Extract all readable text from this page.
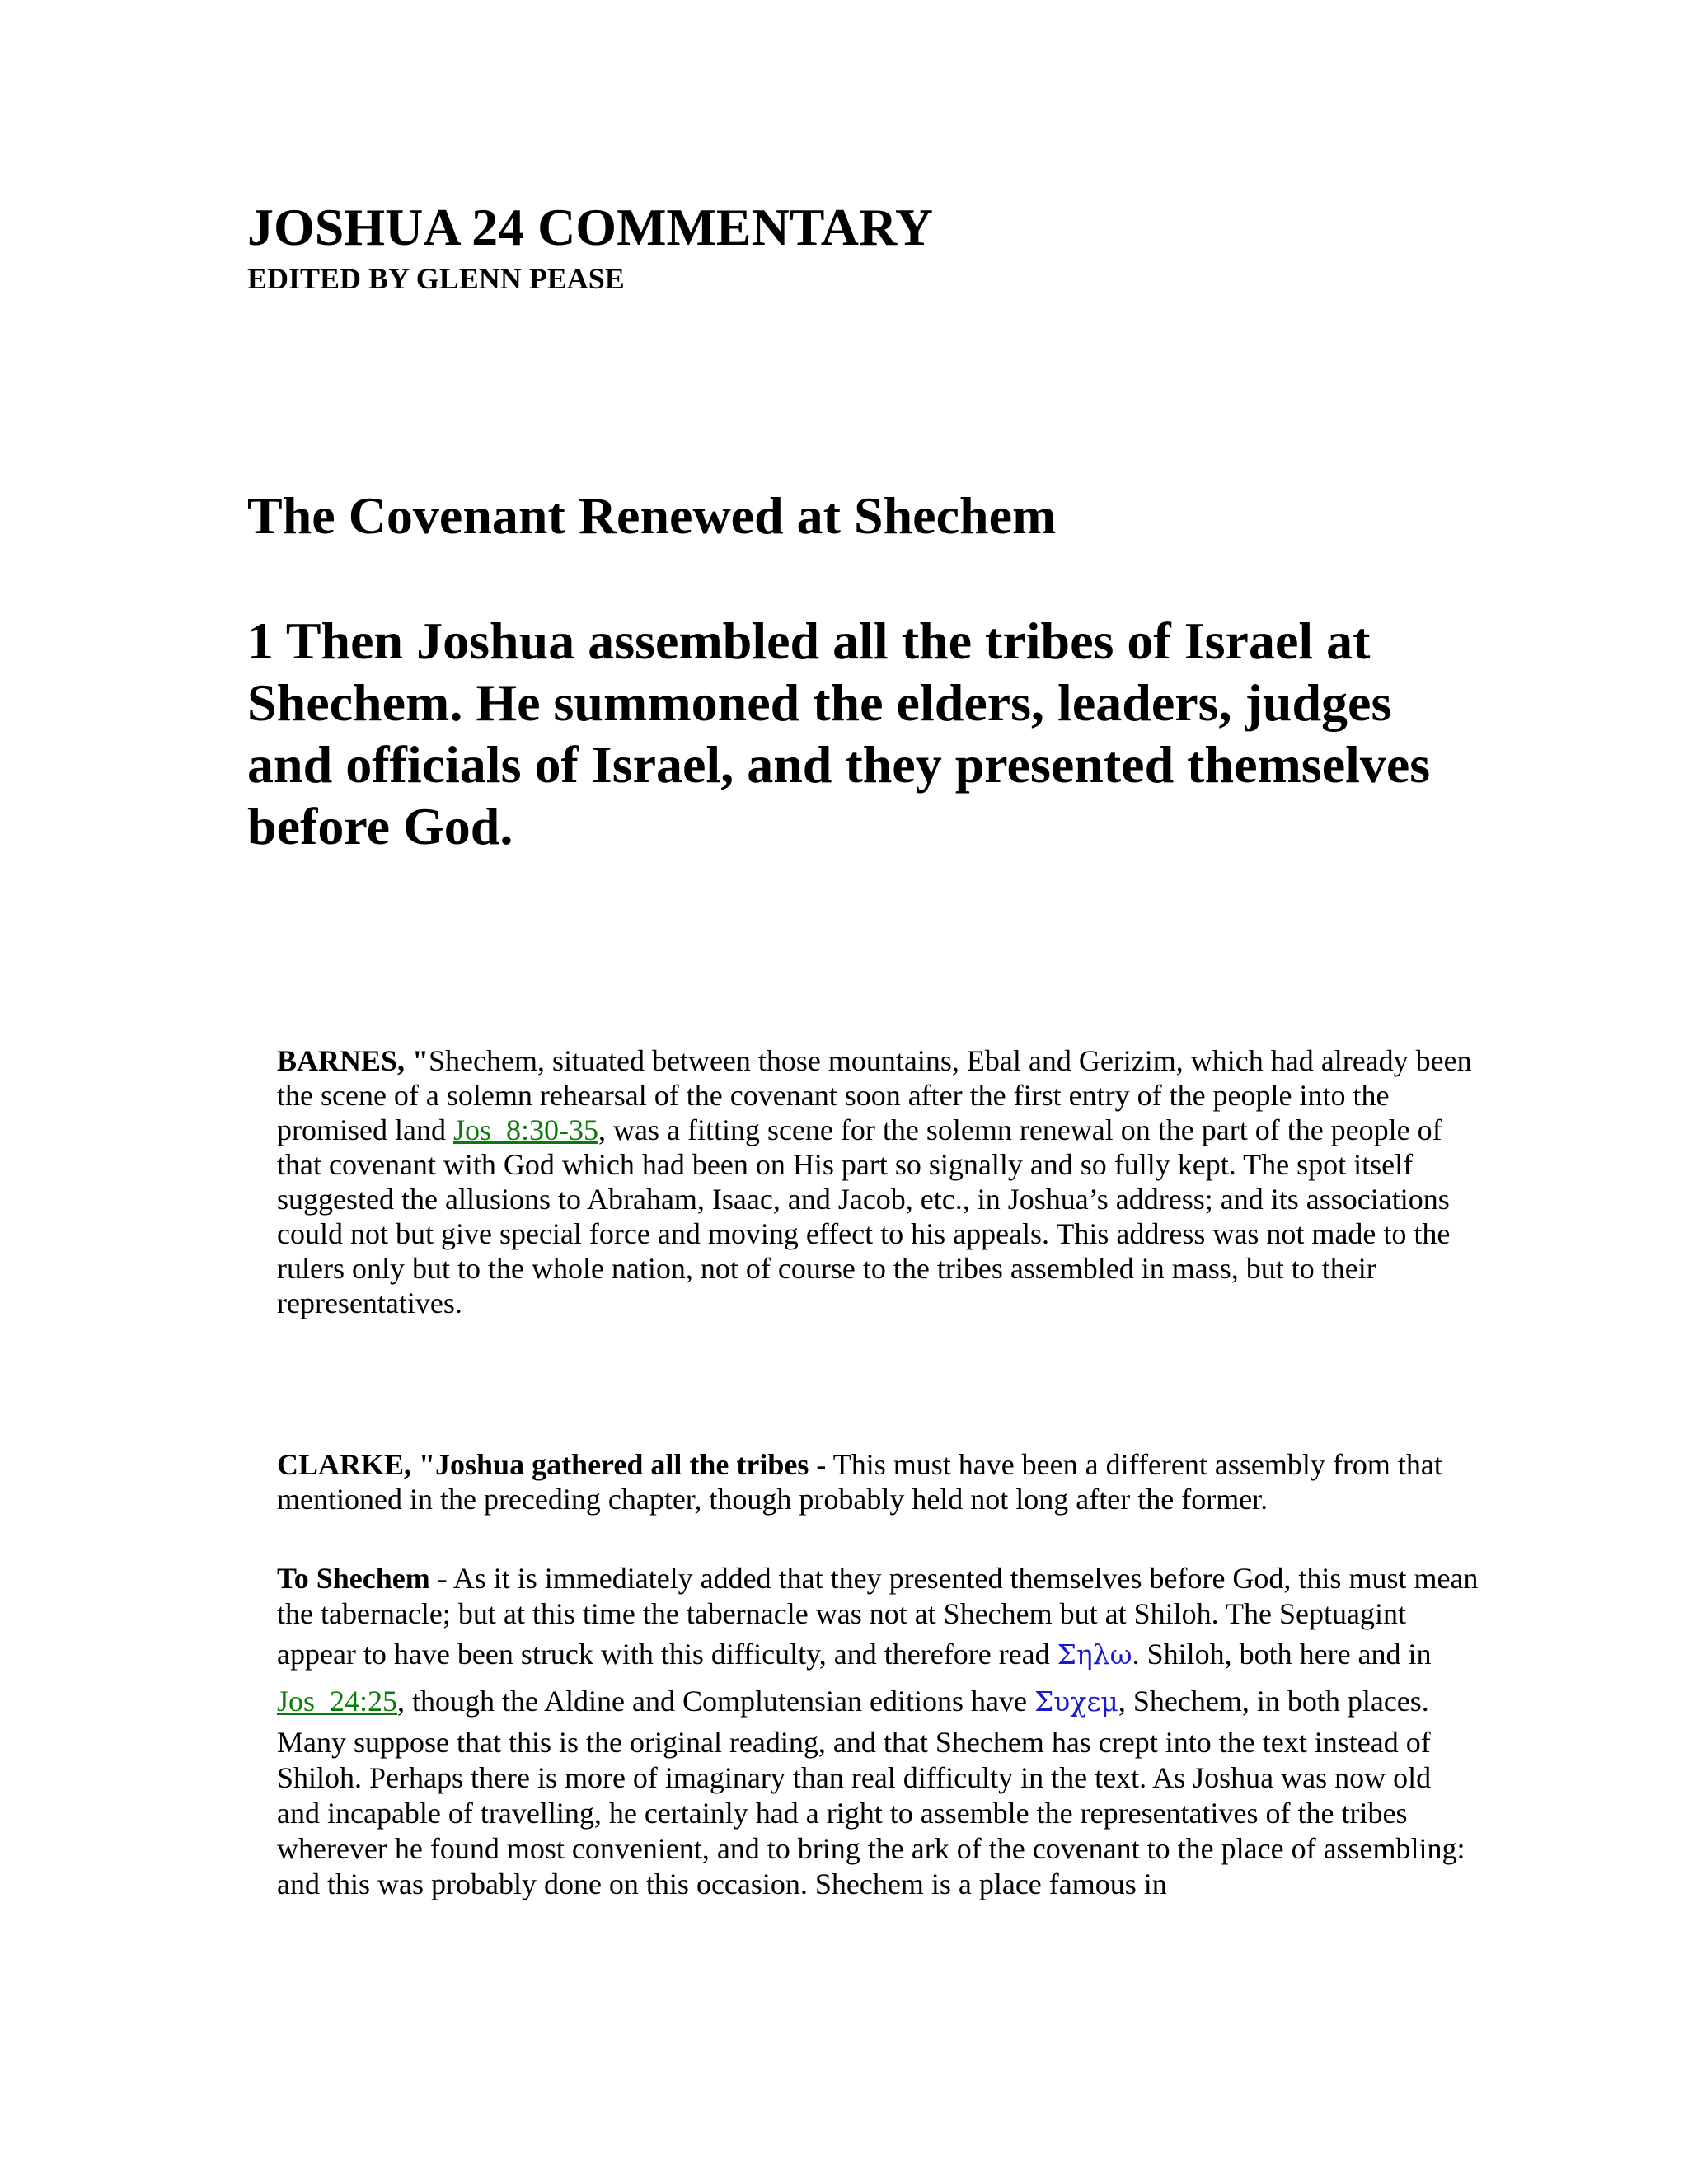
JOSHUA 24 COMMENTARY
EDITED BY GLENN PEASE
The Covenant Renewed at Shechem

1 Then Joshua assembled all the tribes of Israel at Shechem. He summoned the elders, leaders, judges and officials of Israel, and they presented themselves before God.

BARNES, "Shechem, situated between those mountains, Ebal and Gerizim, which had already been the scene of a solemn rehearsal of the covenant soon after the first entry of the people into the promised land Jos_8:30-35, was a fitting scene for the solemn renewal on the part of the people of that covenant with God which had been on His part so signally and so fully kept. The spot itself suggested the allusions to Abraham, Isaac, and Jacob, etc., in Joshua’s address; and its associations could not but give special force and moving effect to his appeals. This address was not made to the rulers only but to the whole nation, not of course to the tribes assembled in mass, but to their representatives.

CLARKE, "Joshua gathered all the tribes - This must have been a different assembly from that mentioned in the preceding chapter, though probably held not long after the former.

To Shechem - As it is immediately added that they presented themselves before God, this must mean the tabernacle; but at this time the tabernacle was not at Shechem but at Shiloh. The Septuagint appear to have been struck with this difficulty, and therefore read Σηλω. Shiloh, both here and in Jos_24:25, though the Aldine and Complutensian editions have Συχεμ, Shechem, in both places. Many suppose that this is the original reading, and that Shechem has crept into the text instead of Shiloh. Perhaps there is more of imaginary than real difficulty in the text. As Joshua was now old and incapable of travelling, he certainly had a right to assemble the representatives of the tribes wherever he found most convenient, and to bring the ark of the covenant to the place of assembling: and this was probably done on this occasion. Shechem is a place famous in
